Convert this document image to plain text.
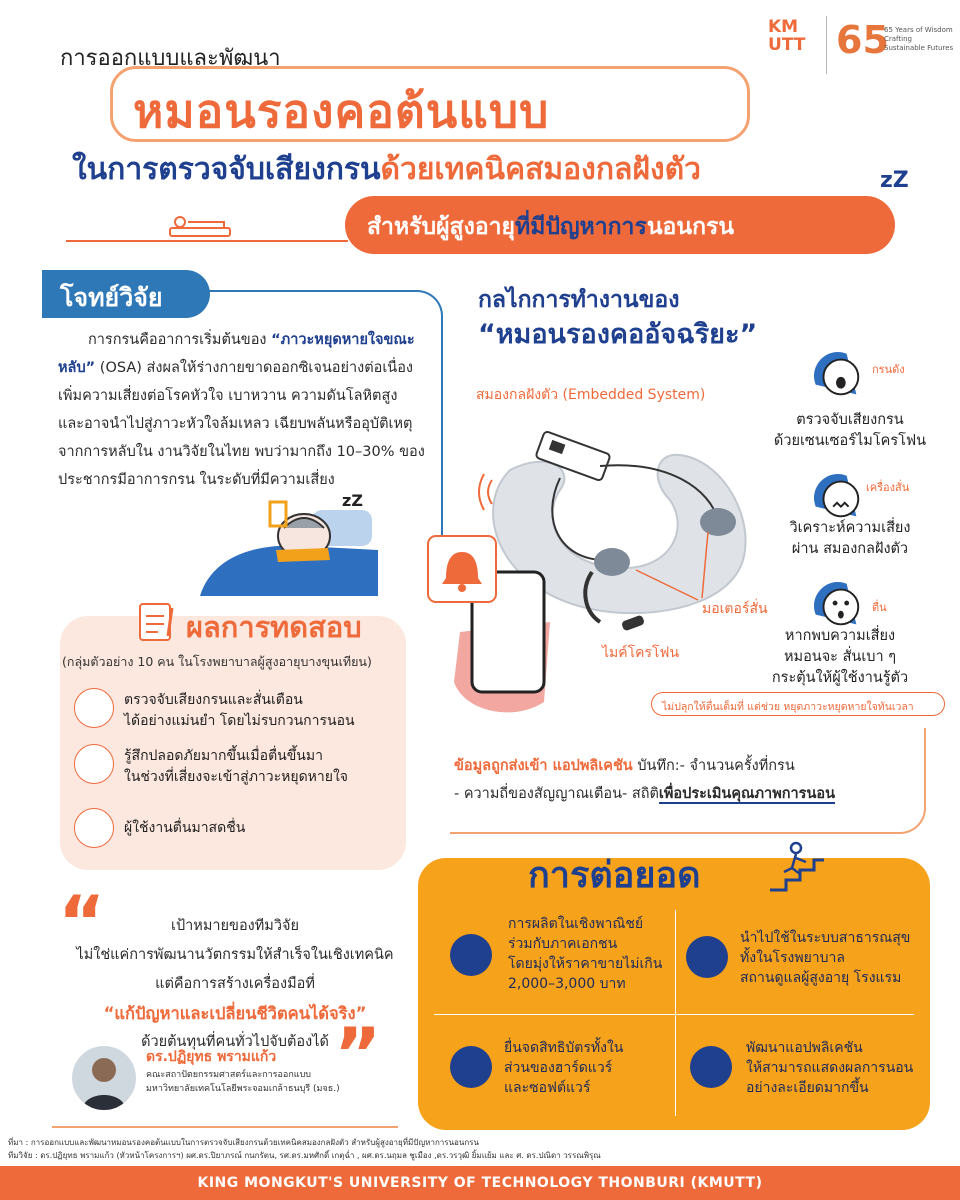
การออกแบบและพัฒนา
หมอนรองคอต้นแบบ
ในการตรวจจับเสียงกรนด้วยเทคนิคสมองกลฝังตัว
สำหรับผู้สูงอายุที่มีปัญหาการนอนกรน
zZ
KM UTT 65
65 Years of Wisdom Crafting Sustainable Futures
โจทย์วิจัย
การกรนคืออาการเริ่มต้นของ “ภาวะหยุดหายใจขณะหลับ” (OSA) ส่งผลให้ร่างกายขาดออกซิเจนอย่างต่อเนื่อง เพิ่มความเสี่ยงต่อโรคหัวใจ เบาหวาน ความดันโลหิตสูง และอาจนำไปสู่ภาวะหัวใจล้มเหลว เฉียบพลันหรืออุบัติเหตุจากการหลับใน งานวิจัยในไทย พบว่ามากถึง 10–30% ของประชากรมีอาการกรน ในระดับที่มีความเสี่ยง
zZ
กลไกการทำงานของ
“หมอนรองคออัจฉริยะ”
สมองกลฝังตัว (Embedded System)
มอเตอร์สั่น
ไมค์โครโฟน
กรนดัง
ตรวจจับเสียงกรน
ด้วยเซนเซอร์ไมโครโฟน
เครื่องสั่น
วิเคราะห์ความเสี่ยง
ผ่าน สมองกลฝังตัว
ตื่น
หากพบความเสี่ยง
หมอนจะ สั่นเบา ๆ
กระตุ้นให้ผู้ใช้งานรู้ตัว
ไม่ปลุกให้ตื่นเต็มที่ แต่ช่วย หยุดภาวะหยุดหายใจทันเวลา
ข้อมูลถูกส่งเข้า แอปพลิเคชัน บันทึก:- จำนวนครั้งที่กรน
- ความถี่ของสัญญาณเตือน- สถิติเพื่อประเมินคุณภาพการนอน
ผลการทดสอบ
(กลุ่มตัวอย่าง 10 คน ในโรงพยาบาลผู้สูงอายุบางขุนเทียน)
ตรวจจับเสียงกรนและสั่นเตือน
ได้อย่างแม่นยำ โดยไม่รบกวนการนอน
รู้สึกปลอดภัยมากขึ้นเมื่อตื่นขึ้นมา
ในช่วงที่เสี่ยงจะเข้าสู่ภาวะหยุดหายใจ
ผู้ใช้งานตื่นมาสดชื่น
“
”
เป้าหมายของทีมวิจัย
ไม่ใช่แค่การพัฒนานวัตกรรมให้สำเร็จในเชิงเทคนิค
แต่คือการสร้างเครื่องมือที่
“แก้ปัญหาและเปลี่ยนชีวิตคนได้จริง”
ด้วยต้นทุนที่คนทั่วไปจับต้องได้
ดร.ปฏิยุทธ พรามแก้ว
คณะสถาปัตยกรรมศาสตร์และการออกแบบ
มหาวิทยาลัยเทคโนโลยีพระจอมเกล้าธนบุรี (มจธ.)
การต่อยอด
การผลิตในเชิงพาณิชย์
ร่วมกับภาคเอกชน
โดยมุ่งให้ราคาขายไม่เกิน
2,000–3,000 บาท
นำไปใช้ในระบบสาธารณสุข
ทั้งในโรงพยาบาล
สถานดูแลผู้สูงอายุ โรงแรม
ยื่นจดสิทธิบัตรทั้งใน
ส่วนของฮาร์ดแวร์
และซอฟต์แวร์
พัฒนาแอปพลิเคชัน
ให้สามารถแสดงผลการนอน
อย่างละเอียดมากขึ้น
ที่มา : การออกแบบและพัฒนาหมอนรองคอต้นแบบในการตรวจจับเสียงกรนด้วยเทคนิคสมองกลฝังตัว สำหรับผู้สูงอายุที่มีปัญหาการนอนกรน
ทีมวิจัย : ดร.ปฏิยุทธ พรามแก้ว (หัวหน้าโครงการฯ) ผศ.ดร.ปิยาภรณ์ กนกรัตน, รศ.ดร.มหศักดิ์ เกตุฉ่ำ , ผศ.ดร.นฤมล ชูเมือง ,ดร.วรวุฒิ ยิ้มแย้ม และ ศ. ดร.ปณิดา วรรณพิรุณ
KING MONGKUT'S UNIVERSITY OF TECHNOLOGY THONBURI (KMUTT)
